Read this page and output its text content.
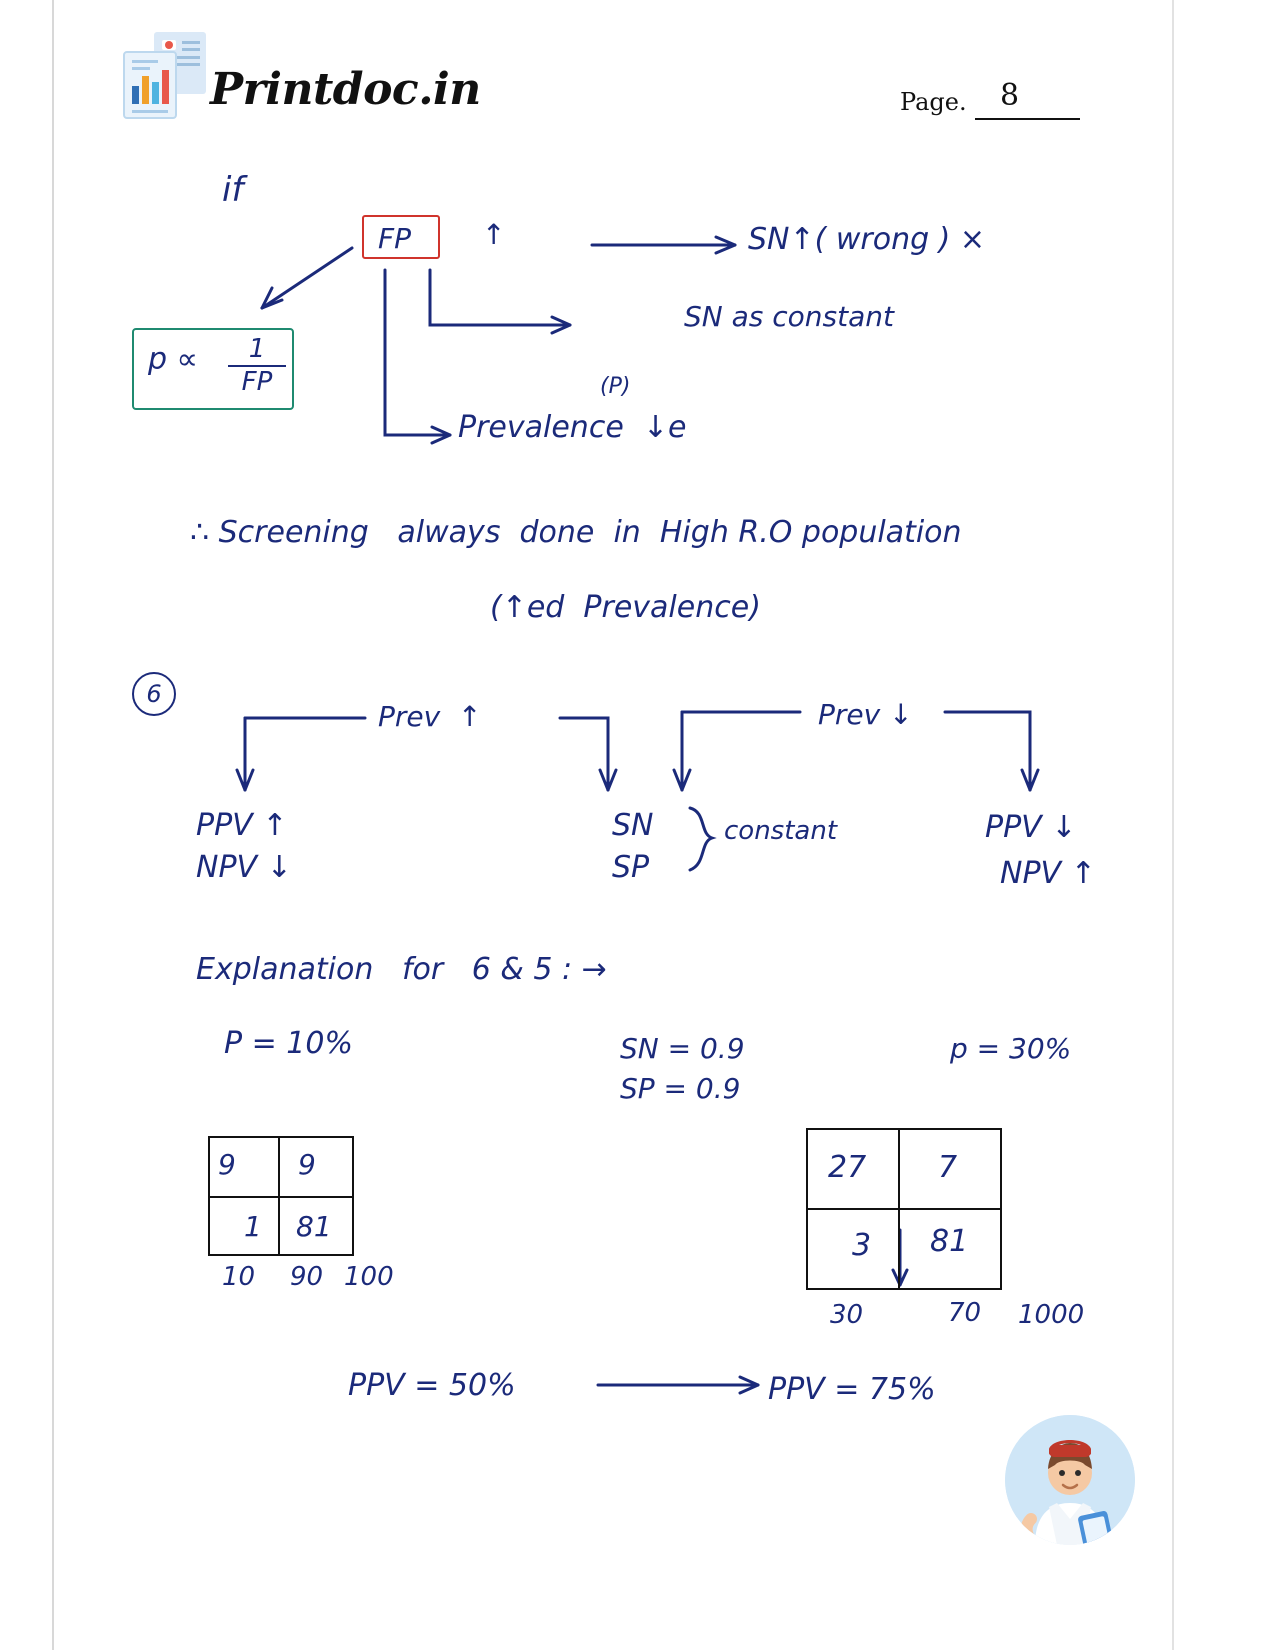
Printdoc.in	Page. 8
if
FP	↑	SN↑( wrong ) ×
SN as constant
p ∝	1
FP	(P)
Prevalence  ↓e
∴ Screening   always  done  in  High R.O population
(↑ed  Prevalence)
6
Prev  ↑	Prev ↓
PPV ↑
NPV ↓
SN
SP
constant	PPV ↓
NPV ↑
Explanation   for   6 & 5 : →
P = 10%	SN = 0.9
SP = 0.9
p = 30%
9 9
1 81
10 90 100
27 7
3 81
30	70 1000
PPV = 50%	PPV = 75%
